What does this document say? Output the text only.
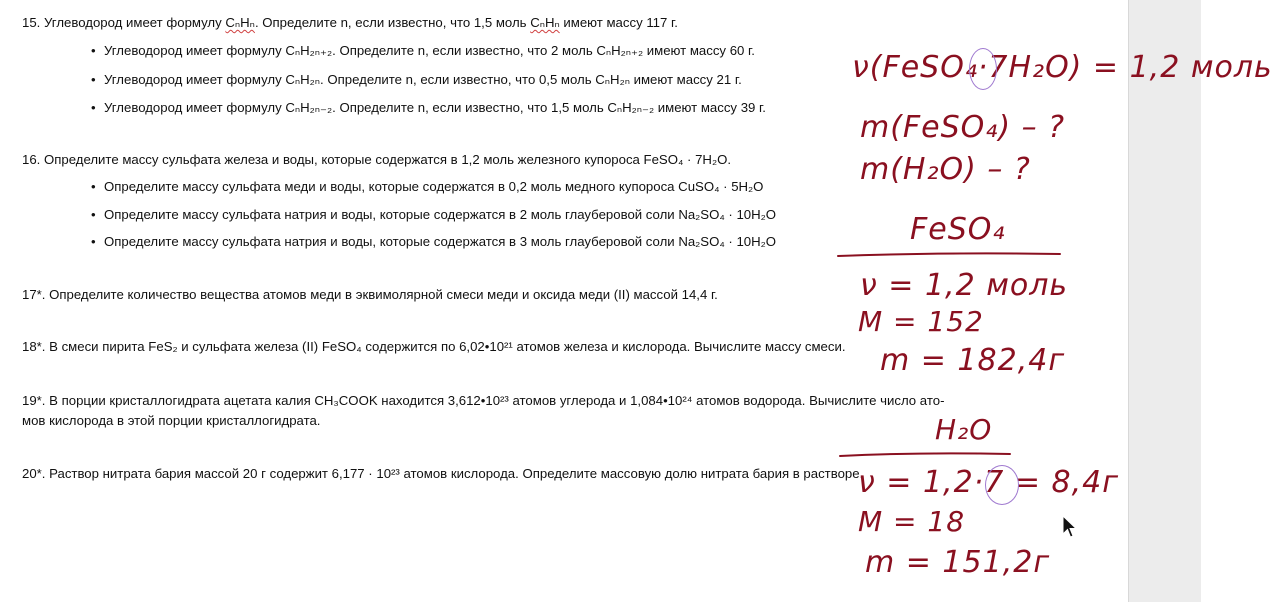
15. Углеводород имеет формулу CₙHₙ. Определите n, если известно, что 1,5 моль CₙHₙ имеют массу 117 г.
• Углеводород имеет формулу CₙH₂ₙ₊₂. Определите n, если известно, что 2 моль CₙH₂ₙ₊₂ имеют массу 60 г.
• Углеводород имеет формулу CₙH₂ₙ. Определите n, если известно, что 0,5 моль CₙH₂ₙ имеют массу 21 г.
• Углеводород имеет формулу CₙH₂ₙ₋₂. Определите n, если известно, что 1,5 моль CₙH₂ₙ₋₂ имеют массу 39 г.
16. Определите массу сульфата железа и воды, которые содержатся в 1,2 моль железного купороса FeSO₄ · 7H₂O.
• Определите массу сульфата меди и воды, которые содержатся в 0,2 моль медного купороса CuSO₄ · 5H₂O
• Определите массу сульфата натрия и воды, которые содержатся в 2 моль глауберовой соли Na₂SO₄ · 10H₂O
• Определите массу сульфата натрия и воды, которые содержатся в 3 моль глауберовой соли Na₂SO₄ · 10H₂O
17*. Определите количество вещества атомов меди в эквимолярной смеси меди и оксида меди (II) массой 14,4 г.
18*. В смеси пирита FeS₂ и сульфата железа (II) FeSO₄ содержится по 6,02•10²¹ атомов железа и кислорода. Вычислите массу смеси.
19*. В порции кристаллогидрата ацетата калия CH₃COOK находится 3,612•10²³ атомов углерода и 1,084•10²⁴ атомов водорода. Вычислите число ато-
мов кислорода в этой порции кристаллогидрата.
20*. Раствор нитрата бария массой 20 г содержит 6,177 · 10²³ атомов кислорода. Определите массовую долю нитрата бария в растворе.
ν(FeSO₄·7H₂O) = 1,2 моль
m(FeSO₄) – ?
m(H₂O) – ?
FeSO₄
ν = 1,2 моль
M = 152
m = 182,4г
H₂O
ν = 1,2·7 = 8,4г
M = 18
m = 151,2г
